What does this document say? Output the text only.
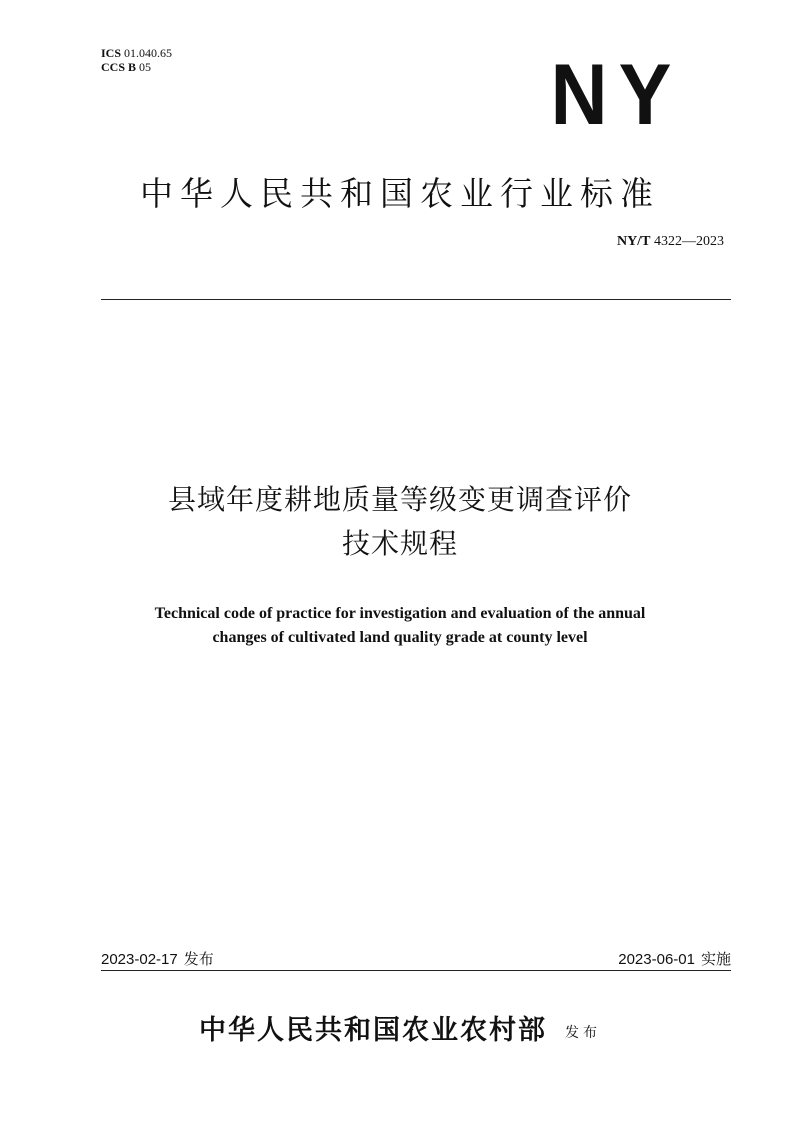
ICS 01.040.65
CCS B 05	NY
中华人民共和国农业行业标准
NY/T 4322—2023
县域年度耕地质量等级变更调查评价
技术规程
Technical code of practice for investigation and evaluation of the annual
changes of cultivated land quality grade at county level
2023-02-17 发布	2023-06-01 实施
中华人民共和国农业农村部 发布
